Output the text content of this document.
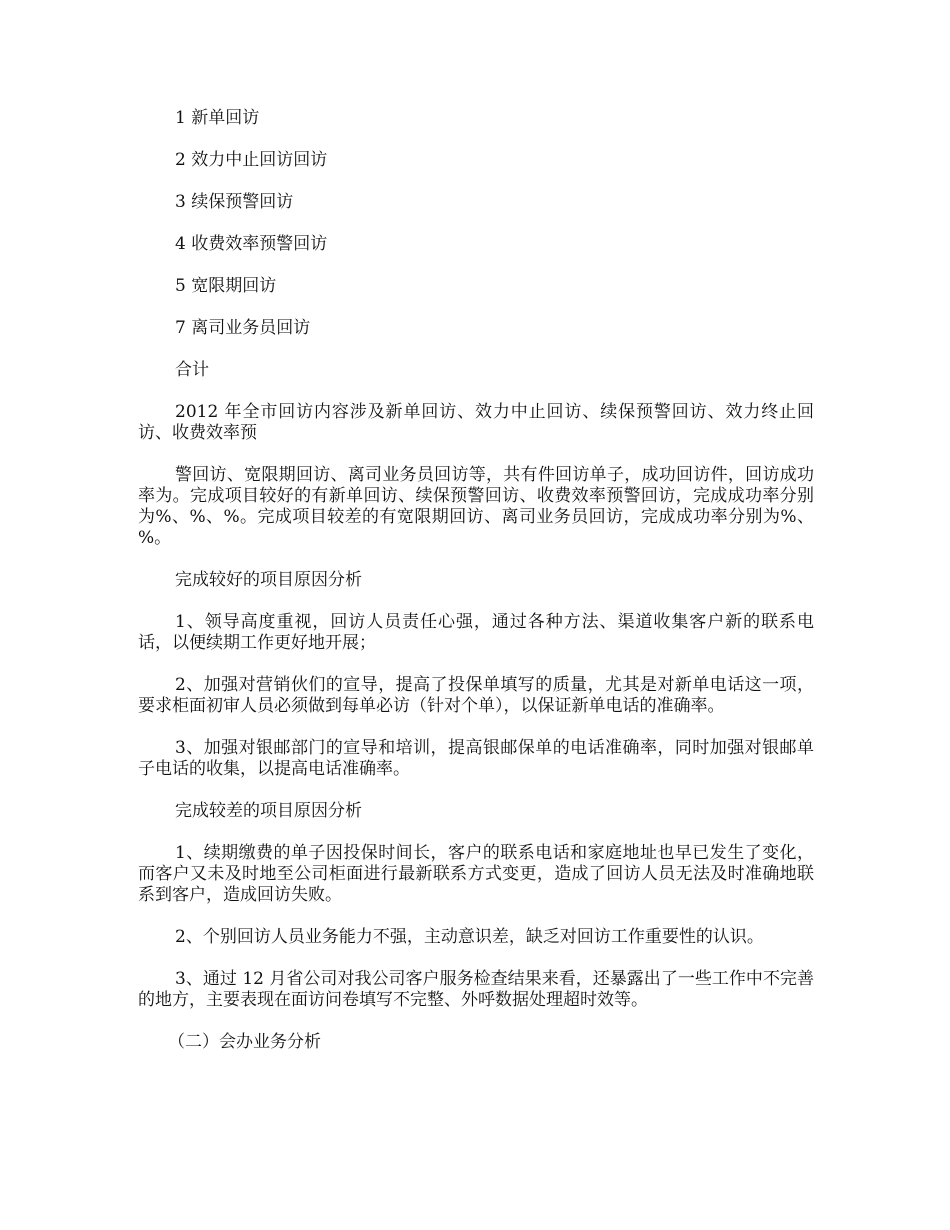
1 新单回访

2 效力中止回访回访

3 续保预警回访

4 收费效率预警回访

5 宽限期回访

7 离司业务员回访

合计

2012 年全市回访内容涉及新单回访、效力中止回访、续保预警回访、效力终止回访、收费效率预

警回访、宽限期回访、离司业务员回访等，共有件回访单子，成功回访件，回访成功率为。完成项目较好的有新单回访、续保预警回访、收费效率预警回访，完成成功率分别为%、%、%。完成项目较差的有宽限期回访、离司业务员回访，完成成功率分别为%、%。

完成较好的项目原因分析

1、领导高度重视，回访人员责任心强，通过各种方法、渠道收集客户新的联系电话，以便续期工作更好地开展；

2、加强对营销伙们的宣导，提高了投保单填写的质量，尤其是对新单电话这一项，要求柜面初审人员必须做到每单必访（针对个单），以保证新单电话的准确率。

3、加强对银邮部门的宣导和培训，提高银邮保单的电话准确率，同时加强对银邮单子电话的收集，以提高电话准确率。

完成较差的项目原因分析

1、续期缴费的单子因投保时间长，客户的联系电话和家庭地址也早已发生了变化，而客户又未及时地至公司柜面进行最新联系方式变更，造成了回访人员无法及时准确地联系到客户，造成回访失败。

2、个别回访人员业务能力不强，主动意识差，缺乏对回访工作重要性的认识。

3、通过 12 月省公司对我公司客户服务检查结果来看，还暴露出了一些工作中不完善的地方，主要表现在面访问卷填写不完整、外呼数据处理超时效等。

（二）会办业务分析
